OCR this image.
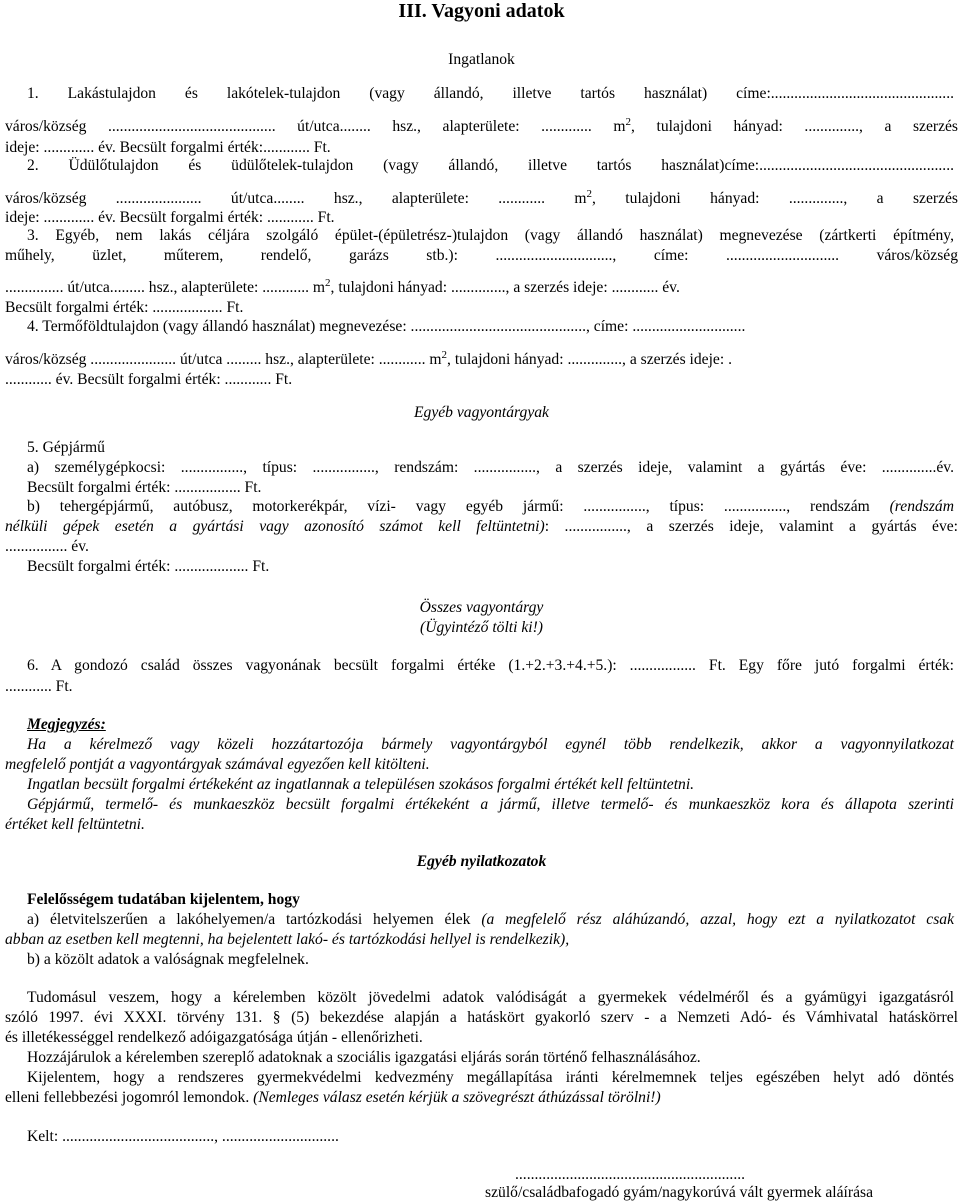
III. Vagyoni adatok
Ingatlanok
1. Lakástulajdon és lakótelek-tulajdon (vagy állandó, illetve tartós használat) címe:...............................................
város/község ........................................... út/utca........ hsz., alapterülete: ............. $m^2$, tulajdoni hányad: .............., a szerzés
ideje: ............. év. Becsült forgalmi érték:............ Ft.
2. Üdülőtulajdon és üdülőtelek-tulajdon (vagy állandó, illetve tartós használat)címe:..................................................
város/község ...................... út/utca........ hsz., alapterülete: ............ $m^2$, tulajdoni hányad: .............., a szerzés
ideje: ............. év. Becsült forgalmi érték: ............ Ft.
3. Egyéb, nem lakás céljára szolgáló épület-(épületrész-)tulajdon (vagy állandó használat) megnevezése (zártkerti építmény,
műhely, üzlet, műterem, rendelő, garázs stb.): .............................., címe: ............................. város/község
............... út/utca......... hsz., alapterülete: ............ $m^2$, tulajdoni hányad: .............., a szerzés ideje: ............ év.
Becsült forgalmi érték: .................. Ft.
4. Termőföldtulajdon (vagy állandó használat) megnevezése: ............................................., címe: .............................
város/község ...................... út/utca ......... hsz., alapterülete: ............ $m^2$, tulajdoni hányad: .............., a szerzés ideje: .
............ év. Becsült forgalmi érték: ............ Ft.
Egyéb vagyontárgyak
5. Gépjármű
a) személygépkocsi: ................, típus: ................, rendszám: ................, a szerzés ideje, valamint a gyártás éve: ..............év.
Becsült forgalmi érték: ................. Ft.
b) tehergépjármű, autóbusz, motorkerékpár, vízi- vagy egyéb jármű: ................, típus: ................, rendszám (rendszám
nélküli gépek esetén a gyártási vagy azonosító számot kell feltüntetni): ................, a szerzés ideje, valamint a gyártás éve:
................ év.
Becsült forgalmi érték: ................... Ft.
Összes vagyontárgy
(Ügyintéző tölti ki!)
6. A gondozó család összes vagyonának becsült forgalmi értéke (1.+2.+3.+4.+5.): ................. Ft. Egy főre jutó forgalmi érték:
............ Ft.
Megjegyzés:
Ha a kérelmező vagy közeli hozzátartozója bármely vagyontárgyból egynél több rendelkezik, akkor a vagyonnyilatkozat
megfelelő pontját a vagyontárgyak számával egyezően kell kitölteni.
Ingatlan becsült forgalmi értékeként az ingatlannak a településen szokásos forgalmi értékét kell feltüntetni.
Gépjármű, termelő- és munkaeszköz becsült forgalmi értékeként a jármű, illetve termelő- és munkaeszköz kora és állapota szerinti
értéket kell feltüntetni.
Egyéb nyilatkozatok
Felelősségem tudatában kijelentem, hogy
a) életvitelszerűen a lakóhelyemen/a tartózkodási helyemen élek (a megfelelő rész aláhúzandó, azzal, hogy ezt a nyilatkozatot csak
abban az esetben kell megtenni, ha bejelentett lakó- és tartózkodási hellyel is rendelkezik),
b) a közölt adatok a valóságnak megfelelnek.
Tudomásul veszem, hogy a kérelemben közölt jövedelmi adatok valódiságát a gyermekek védelméről és a gyámügyi igazgatásról
szóló 1997. évi XXXI. törvény 131. § (5) bekezdése alapján a hatáskört gyakorló szerv - a Nemzeti Adó- és Vámhivatal hatáskörrel
és illetékességgel rendelkező adóigazgatósága útján - ellenőrizheti.
Hozzájárulok a kérelemben szereplő adatoknak a szociális igazgatási eljárás során történő felhasználásához.
Kijelentem, hogy a rendszeres gyermekvédelmi kedvezmény megállapítása iránti kérelmemnek teljes egészében helyt adó döntés
elleni fellebbezési jogomról lemondok. (Nemleges válasz esetén kérjük a szövegrészt áthúzással törölni!)
Kelt: ......................................., ..............................
...........................................................
szülő/családbafogadó gyám/nagykorúvá vált gyermek aláírása
